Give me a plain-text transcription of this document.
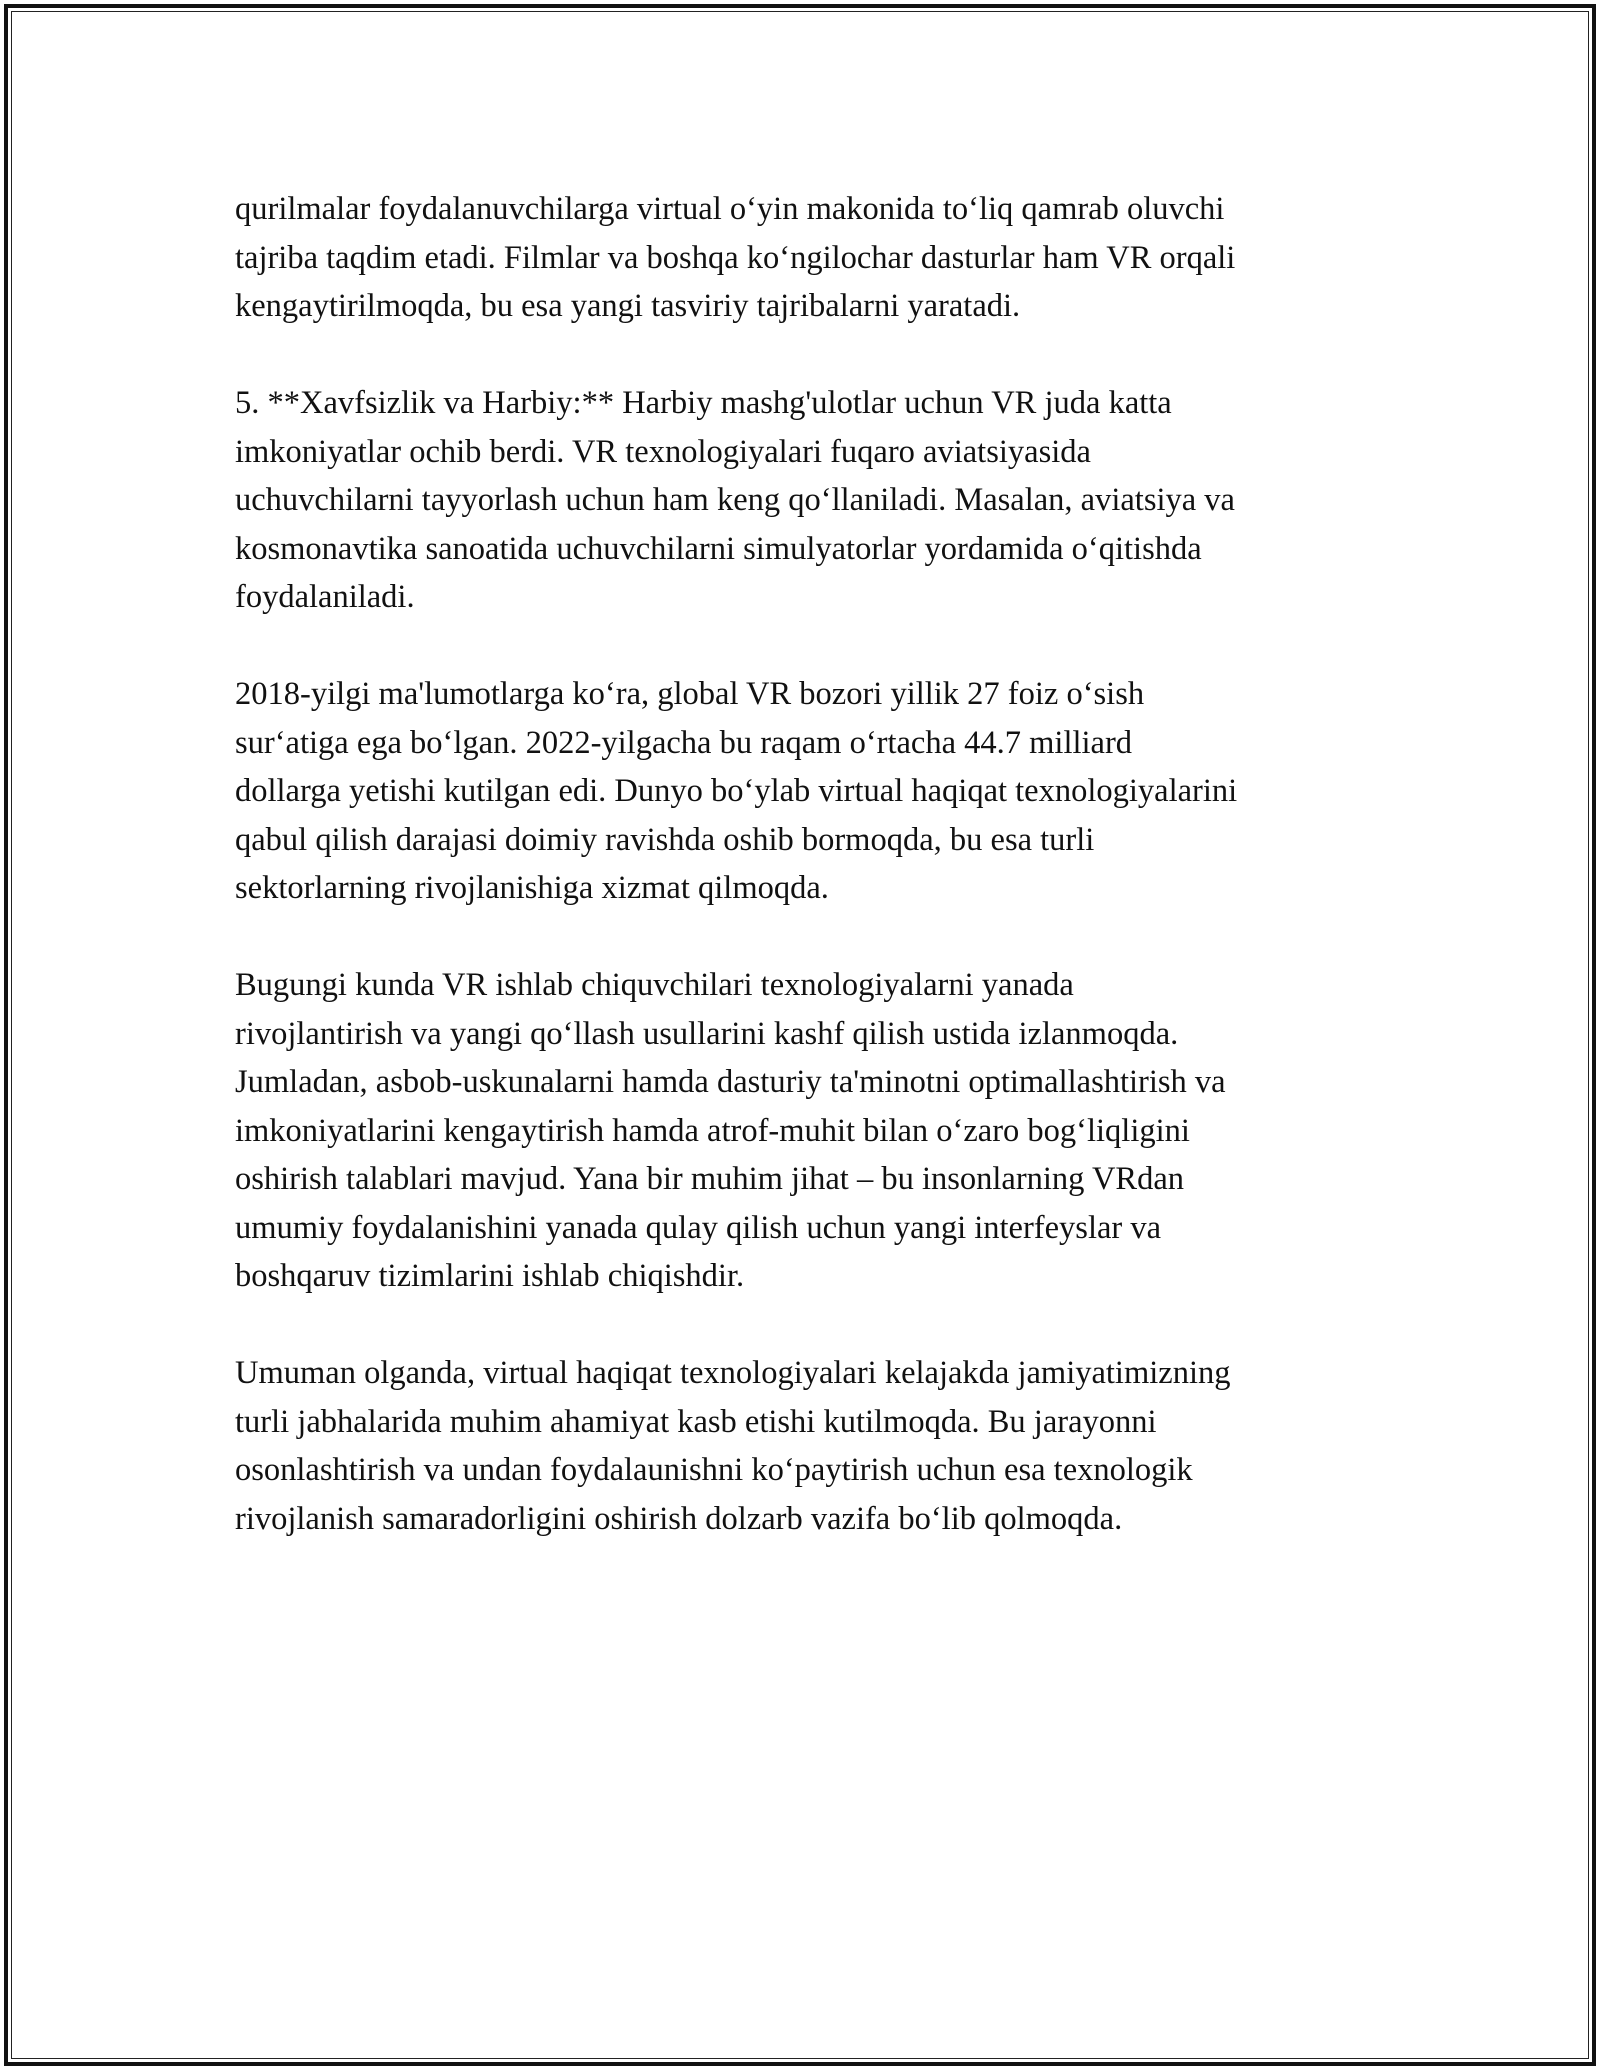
qurilmalar foydalanuvchilarga virtual o‘yin makonida to‘liq qamrab oluvchi
tajriba taqdim etadi. Filmlar va boshqa ko‘ngilochar dasturlar ham VR orqali
kengaytirilmoqda, bu esa yangi tasviriy tajribalarni yaratadi.

5. **Xavfsizlik va Harbiy:** Harbiy mashg'ulotlar uchun VR juda katta
imkoniyatlar ochib berdi. VR texnologiyalari fuqaro aviatsiyasida
uchuvchilarni tayyorlash uchun ham keng qo‘llaniladi. Masalan, aviatsiya va
kosmonavtika sanoatida uchuvchilarni simulyatorlar yordamida o‘qitishda
foydalaniladi.

2018-yilgi ma'lumotlarga ko‘ra, global VR bozori yillik 27 foiz o‘sish
sur‘atiga ega bo‘lgan. 2022-yilgacha bu raqam o‘rtacha 44.7 milliard
dollarga yetishi kutilgan edi. Dunyo bo‘ylab virtual haqiqat texnologiyalarini
qabul qilish darajasi doimiy ravishda oshib bormoqda, bu esa turli
sektorlarning rivojlanishiga xizmat qilmoqda.

Bugungi kunda VR ishlab chiquvchilari texnologiyalarni yanada
rivojlantirish va yangi qo‘llash usullarini kashf qilish ustida izlanmoqda.
Jumladan, asbob-uskunalarni hamda dasturiy ta'minotni optimallashtirish va
imkoniyatlarini kengaytirish hamda atrof-muhit bilan o‘zaro bog‘liqligini
oshirish talablari mavjud. Yana bir muhim jihat – bu insonlarning VRdan
umumiy foydalanishini yanada qulay qilish uchun yangi interfeyslar va
boshqaruv tizimlarini ishlab chiqishdir.

Umuman olganda, virtual haqiqat texnologiyalari kelajakda jamiyatimizning
turli jabhalarida muhim ahamiyat kasb etishi kutilmoqda. Bu jarayonni
osonlashtirish va undan foydalaunishni ko‘paytirish uchun esa texnologik
rivojlanish samaradorligini oshirish dolzarb vazifa bo‘lib qolmoqda.
